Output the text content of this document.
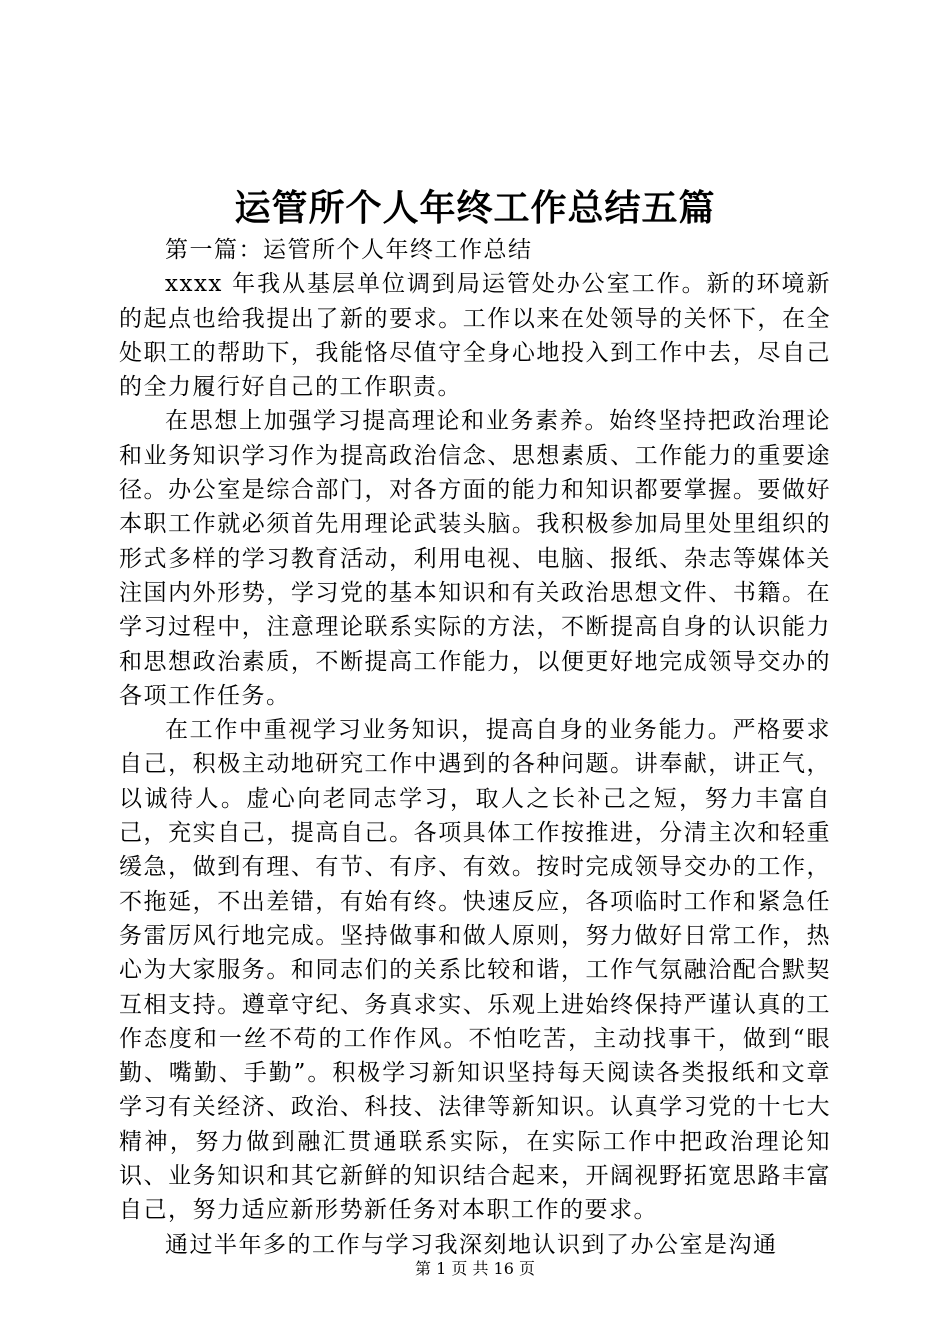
运管所个人年终工作总结五篇

第一篇：运管所个人年终工作总结

xxxx 年我从基层单位调到局运管处办公室工作。新的环境新的起点也给我提出了新的要求。工作以来在处领导的关怀下，在全处职工的帮助下，我能恪尽值守全身心地投入到工作中去，尽自己的全力履行好自己的工作职责。

在思想上加强学习提高理论和业务素养。始终坚持把政治理论和业务知识学习作为提高政治信念、思想素质、工作能力的重要途径。办公室是综合部门，对各方面的能力和知识都要掌握。要做好本职工作就必须首先用理论武装头脑。我积极参加局里处里组织的形式多样的学习教育活动，利用电视、电脑、报纸、杂志等媒体关注国内外形势，学习党的基本知识和有关政治思想文件、书籍。在学习过程中，注意理论联系实际的方法，不断提高自身的认识能力和思想政治素质，不断提高工作能力，以便更好地完成领导交办的各项工作任务。

在工作中重视学习业务知识，提高自身的业务能力。严格要求自己，积极主动地研究工作中遇到的各种问题。讲奉献，讲正气，以诚待人。虚心向老同志学习，取人之长补己之短，努力丰富自己，充实自己，提高自己。各项具体工作按推进，分清主次和轻重缓急，做到有理、有节、有序、有效。按时完成领导交办的工作，不拖延，不出差错，有始有终。快速反应，各项临时工作和紧急任务雷厉风行地完成。坚持做事和做人原则，努力做好日常工作，热心为大家服务。和同志们的关系比较和谐，工作气氛融洽配合默契互相支持。遵章守纪、务真求实、乐观上进始终保持严谨认真的工作态度和一丝不苟的工作作风。不怕吃苦，主动找事干，做到“眼勤、嘴勤、手勤”。积极学习新知识坚持每天阅读各类报纸和文章学习有关经济、政治、科技、法律等新知识。认真学习党的十七大精神，努力做到融汇贯通联系实际，在实际工作中把政治理论知识、业务知识和其它新鲜的知识结合起来，开阔视野拓宽思路丰富自己，努力适应新形势新任务对本职工作的要求。

通过半年多的工作与学习我深刻地认识到了办公室是沟通

第 1 页 共 16 页
